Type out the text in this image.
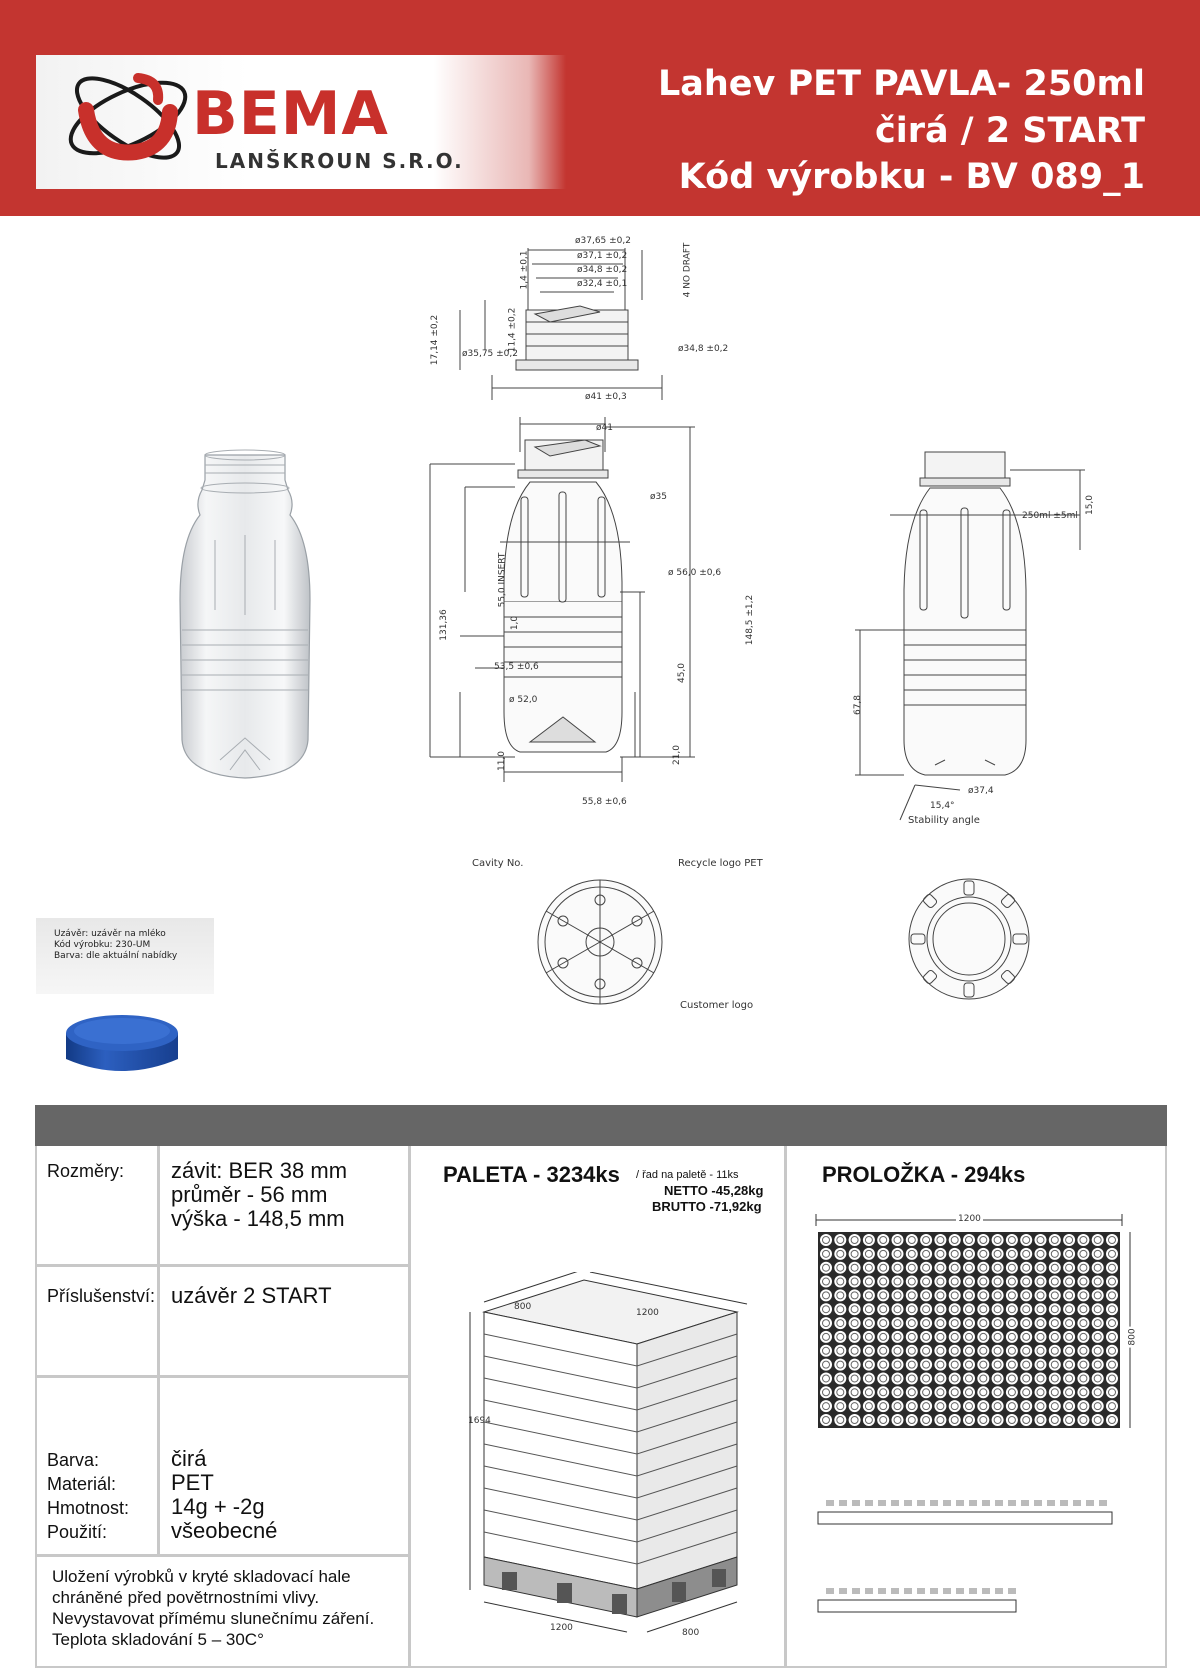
BEMA
LANŠKROUN S.R.O.
Lahev PET PAVLA- 250ml
čirá / 2 START
Kód výrobku - BV 089_1
ø37,65 ±0,2
ø37,1 ±0,2
ø34,8 ±0,2
ø32,4 ±0,1
1,4 ±0,1	4 NO DRAFT
11,4 ±0,2
17,14 ±0,2 ø35,75 ±0,2	ø34,8 ±0,2
ø41 ±0,3
ø41
ø35
131,36
55,0 INSERT
1,0
ø 56,0 ±0,6
148,5 ±1,2
53,5 ±0,6
ø 52,0
45,0
11,0	21,0
55,8 ±0,6
250ml ±5ml
15,0
67,8
ø37,4
15,4°
Stability angle
Cavity No.	Recycle logo PET
Customer logo
Uzávěr: uzávěr na mléko
Kód výrobku: 230-UM
Barva: dle aktuální nabídky
Rozměry: závit: BER 38 mm
průměr - 56 mm
výška - 148,5 mm
Příslušenství: uzávěr 2 START
Barva:	čirá
Materiál: PET
Hmotnost: 14g + -2g
Použití:	všeobecné
Uložení výrobků v kryté skladovací hale
chráněné před povětrnostními vlivy.
Nevystavovat přímému slunečnímu záření.
Teplota skladování 5 – 30C°
PALETA - 3234ks / řad na paletě - 11ks
NETTO -45,28kg
BRUTTO -71,92kg
800
1200
1694
1200	800
PROLOŽKA - 294ks
1200
800
